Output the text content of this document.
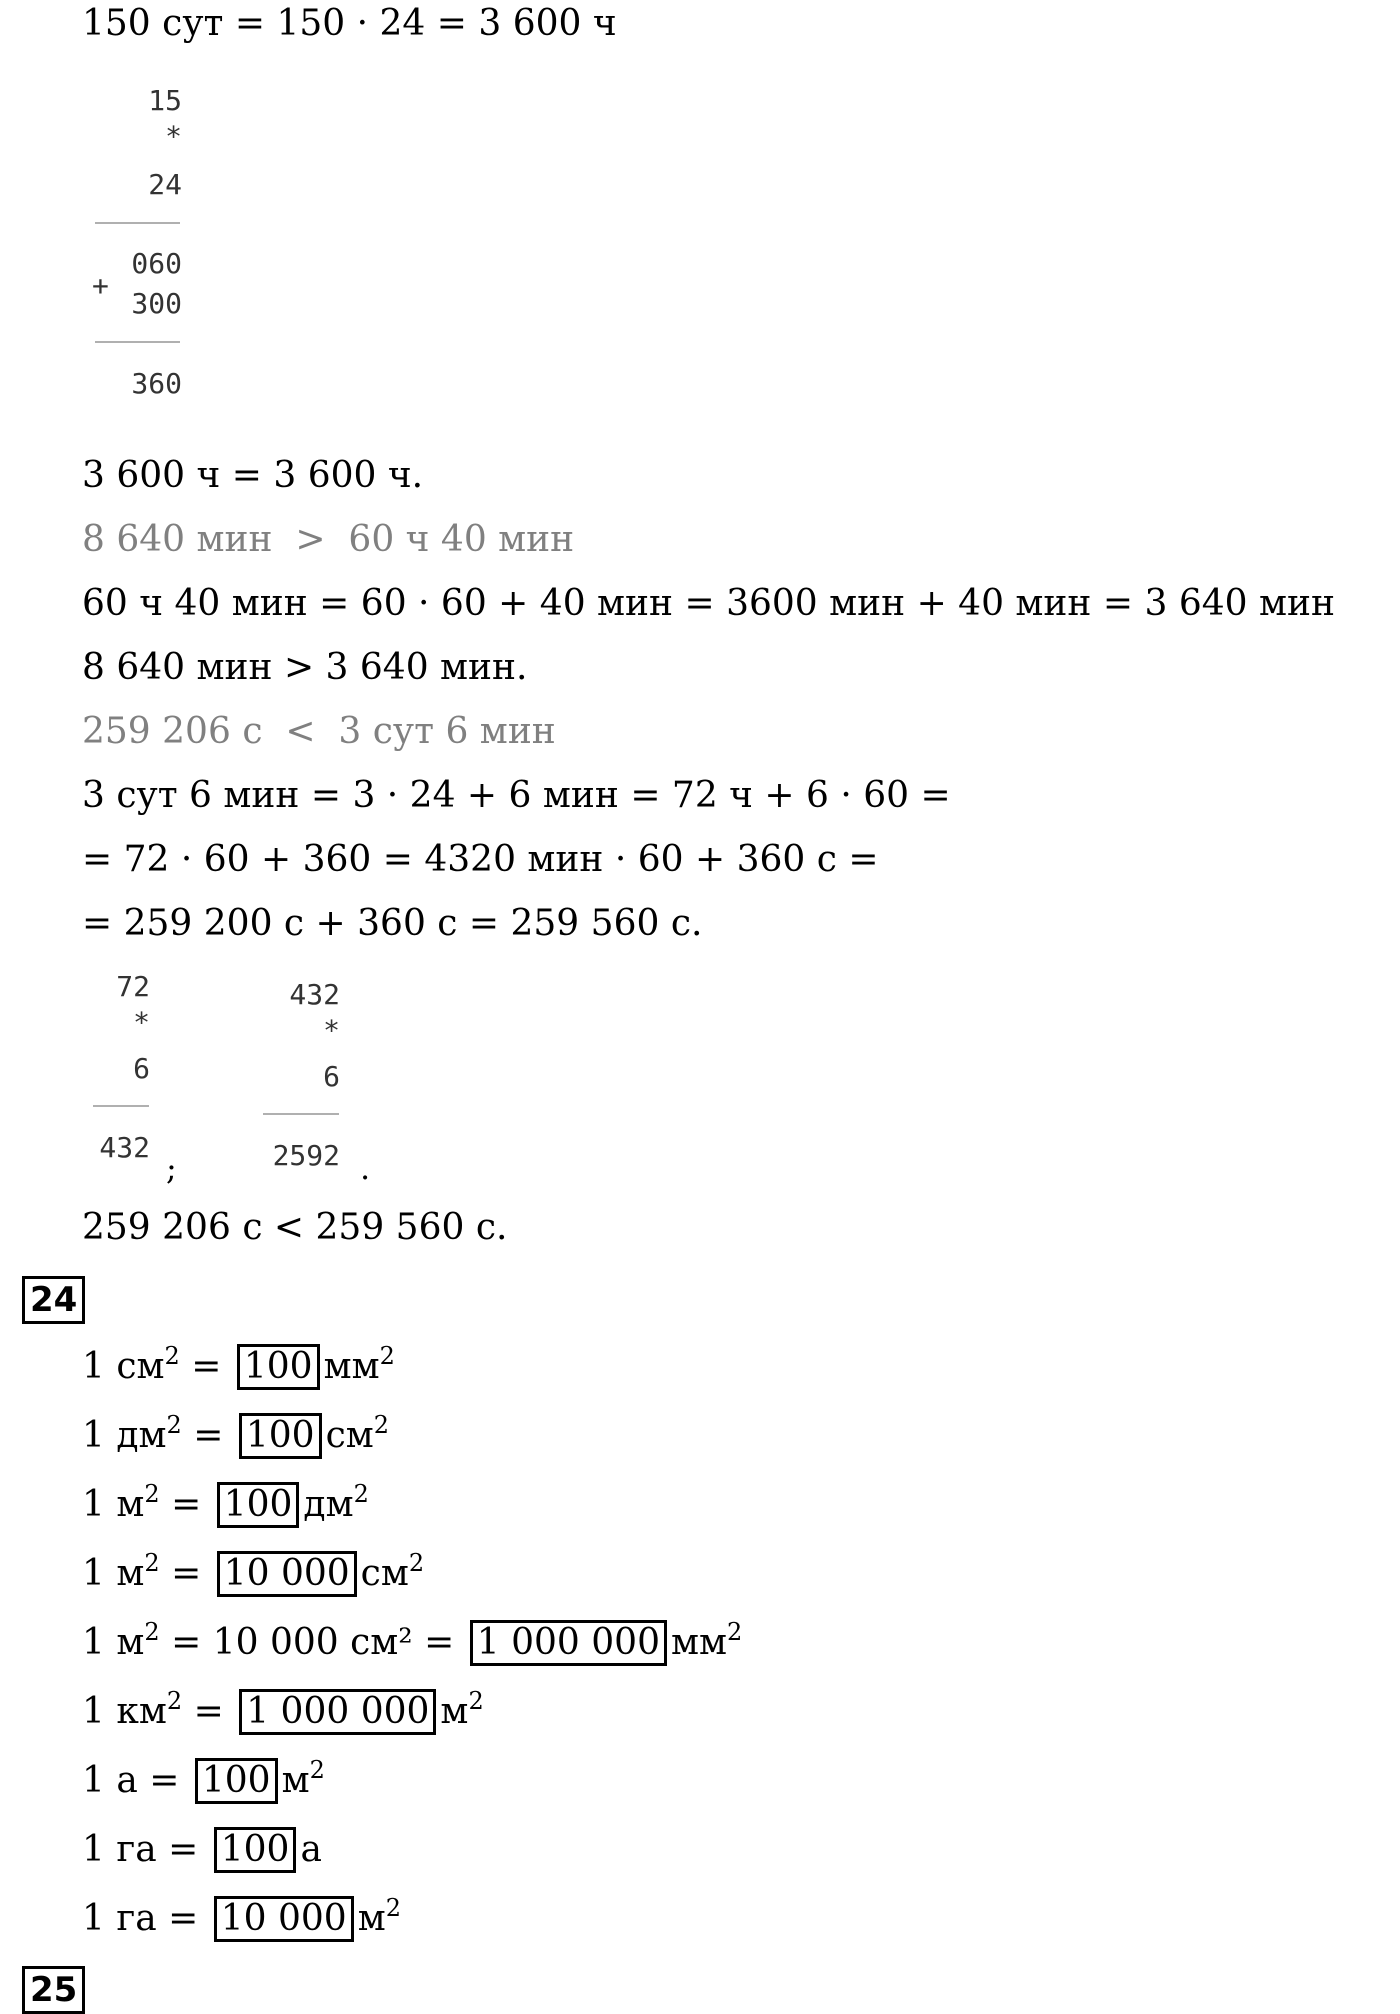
150 сут = 150 · 24 = 3 600 ч
15
*
24
060
+
300
360
3 600 ч = 3 600 ч.
8 640 мин  >  60 ч 40 мин
60 ч 40 мин = 60 · 60 + 40 мин = 3600 мин + 40 мин = 3 640 мин
8 640 мин > 3 640 мин.
259 206 с  <  3 сут 6 мин
3 сут 6 мин = 3 · 24 + 6 мин = 72 ч + 6 · 60 =
= 72 · 60 + 360 = 4320 мин · 60 + 360 с =
= 259 200 с + 360 с = 259 560 с.
72
*
6
432
;
432
*
6
2592 .
259 206 с < 259 560 с.
24
1 $см^2 = 100$ $мм^2$
1 $дм^2 = 100$ $см^2$
1 $м^2 = 100$ $дм^2$
1 $м^2 = 10$ 000 $см^2$
1 $м^2 = 10$ 000 см² = 1 000 000 $мм^2$
1 $км^2 = 1$ 000 000 $м^2$
1 а = 100 $м^2$
1 га = 100 а
1 га = 10 000 $м^2$
25
